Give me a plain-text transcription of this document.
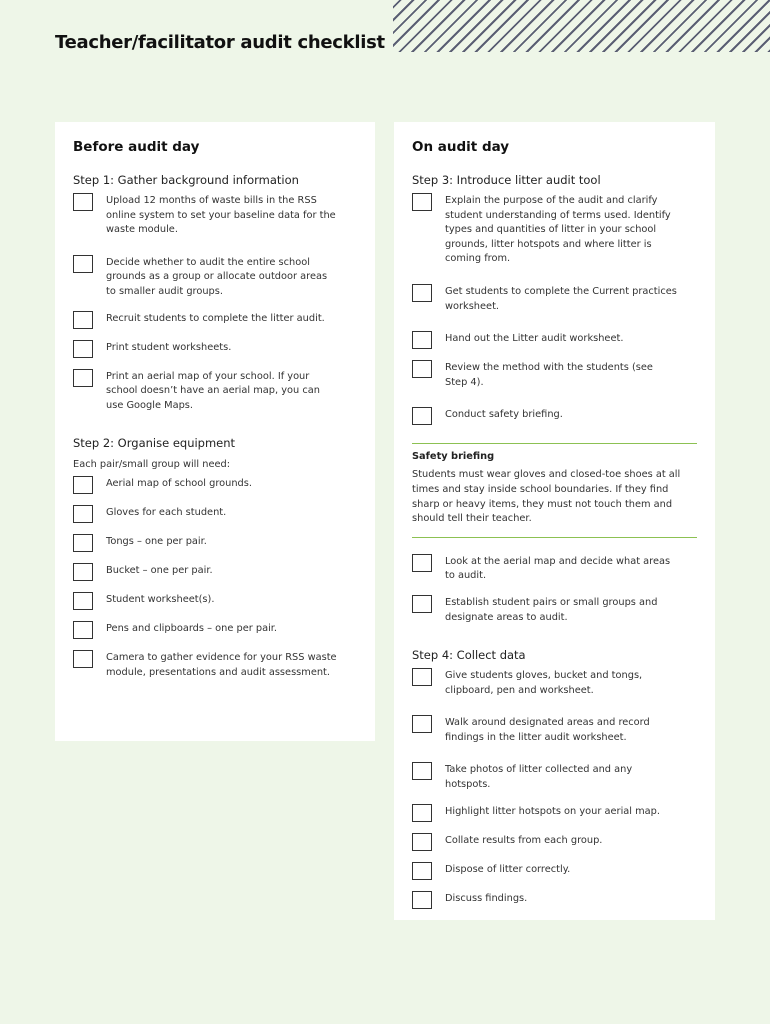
Teacher/facilitator audit checklist
Before audit day
Step 1: Gather background information
Upload 12 months of waste bills in the RSS online system to set your baseline data for the waste module.
Decide whether to audit the entire school grounds as a group or allocate outdoor areas to smaller audit groups.
Recruit students to complete the litter audit.
Print student worksheets.
Print an aerial map of your school. If your school doesn’t have an aerial map, you can use Google Maps.
Step 2: Organise equipment
Each pair/small group will need:
Aerial map of school grounds.
Gloves for each student.
Tongs – one per pair.
Bucket – one per pair.
Student worksheet(s).
Pens and clipboards – one per pair.
Camera to gather evidence for your RSS waste module, presentations and audit assessment.
On audit day
Step 3: Introduce litter audit tool
Explain the purpose of the audit and clarify student understanding of terms used. Identify types and quantities of litter in your school grounds, litter hotspots and where litter is coming from.
Get students to complete the Current practices worksheet.
Hand out the Litter audit worksheet.
Review the method with the students (see Step 4).
Conduct safety briefing.
Safety briefing
Students must wear gloves and closed-toe shoes at all times and stay inside school boundaries. If they find sharp or heavy items, they must not touch them and should tell their teacher.
Look at the aerial map and decide what areas to audit.
Establish student pairs or small groups and designate areas to audit.
Step 4: Collect data
Give students gloves, bucket and tongs, clipboard, pen and worksheet.
Walk around designated areas and record findings in the litter audit worksheet.
Take photos of litter collected and any hotspots.
Highlight litter hotspots on your aerial map.
Collate results from each group.
Dispose of litter correctly.
Discuss findings.
